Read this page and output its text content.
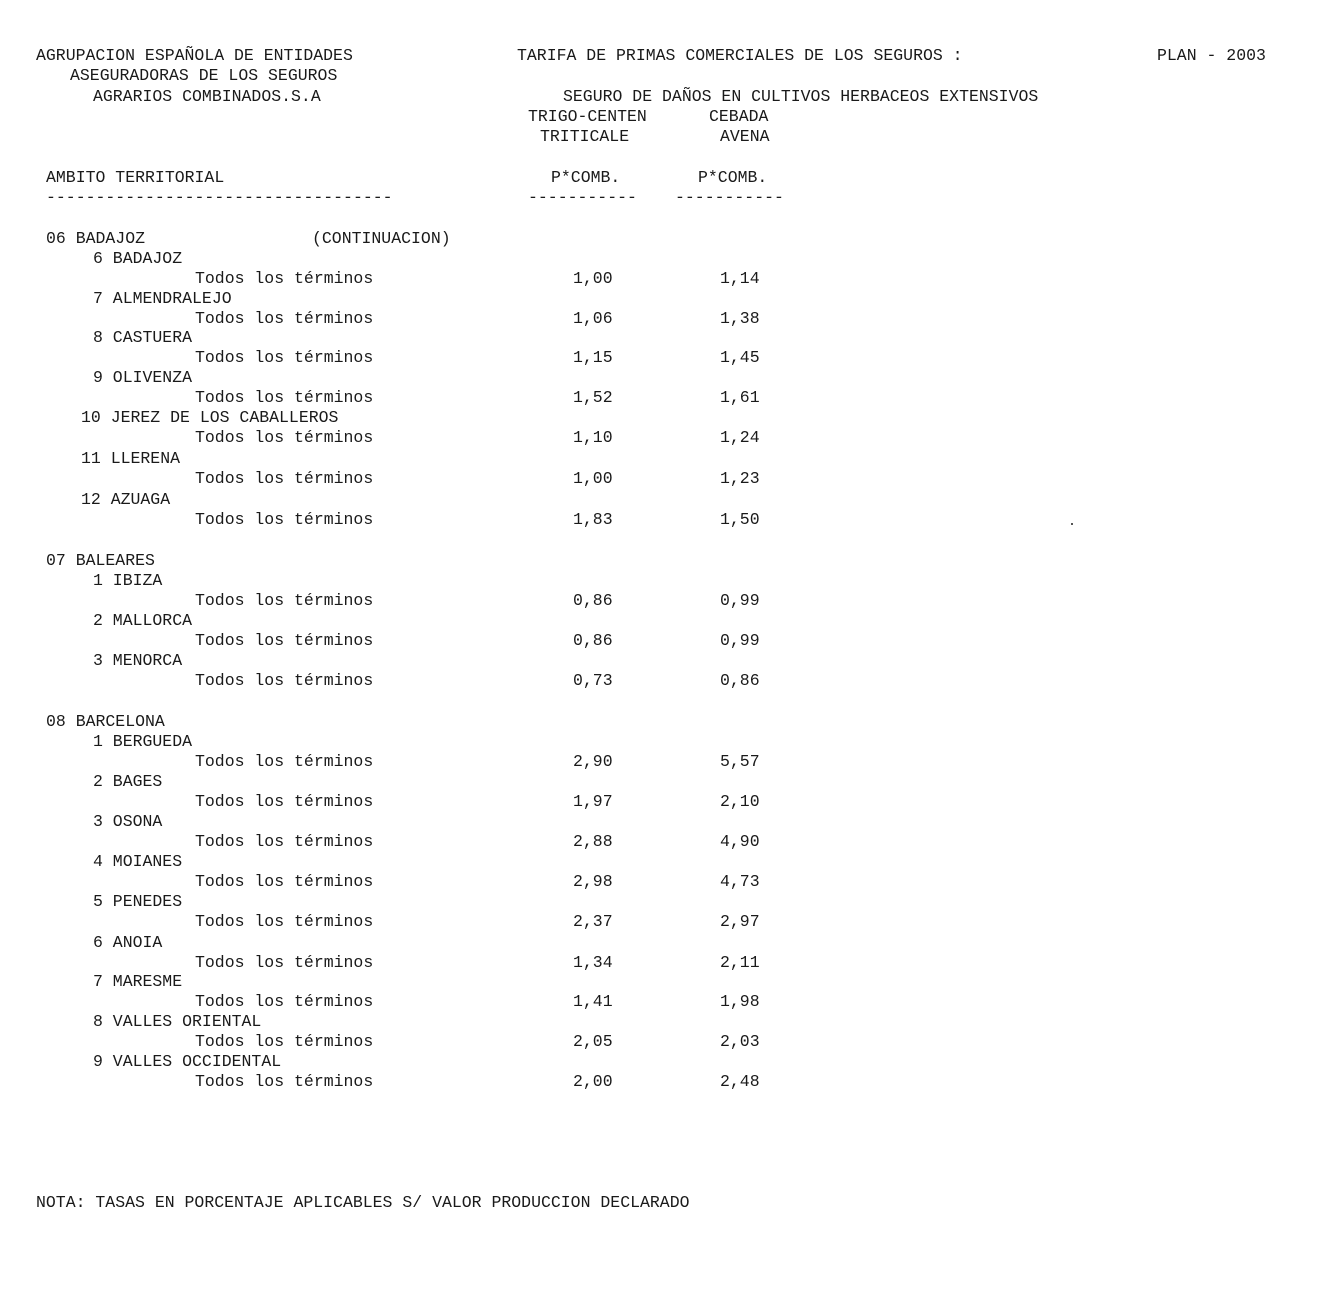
AGRUPACION ESPAÑOLA DE ENTIDADES
ASEGURADORAS DE LOS SEGUROS
AGRARIOS COMBINADOS.S.A
TARIFA DE PRIMAS COMERCIALES DE LOS SEGUROS :	PLAN - 2003
SEGURO DE DAÑOS EN CULTIVOS HERBACEOS EXTENSIVOS
TRIGO-CENTEN
TRITICALE
CEBADA
AVENA
AMBITO TERRITORIAL	P*COMB.	P*COMB.
-----------------------------------	----------- -----------
06 BADAJOZ	(CONTINUACION)
6 BADAJOZ
Todos los términos	1,00	1,14
7 ALMENDRALEJO
Todos los términos	1,06	1,38
8 CASTUERA
Todos los términos	1,15	1,45
9 OLIVENZA
Todos los términos	1,52	1,61
10 JEREZ DE LOS CABALLEROS
Todos los términos	1,10	1,24
11 LLERENA
Todos los términos	1,00	1,23
12 AZUAGA
Todos los términos	1,83	1,50
07 BALEARES
1 IBIZA
Todos los términos	0,86	0,99
2 MALLORCA
Todos los términos	0,86	0,99
3 MENORCA
Todos los términos	0,73	0,86
08 BARCELONA
1 BERGUEDA
Todos los términos	2,90	5,57
2 BAGES
Todos los términos	1,97	2,10
3 OSONA
Todos los términos	2,88	4,90
4 MOIANES
Todos los términos	2,98	4,73
5 PENEDES
Todos los términos	2,37	2,97
6 ANOIA
Todos los términos	1,34	2,11
7 MARESME
Todos los términos	1,41	1,98
8 VALLES ORIENTAL
Todos los términos	2,05	2,03
9 VALLES OCCIDENTAL
Todos los términos	2,00	2,48
NOTA: TASAS EN PORCENTAJE APLICABLES S/ VALOR PRODUCCION DECLARADO
